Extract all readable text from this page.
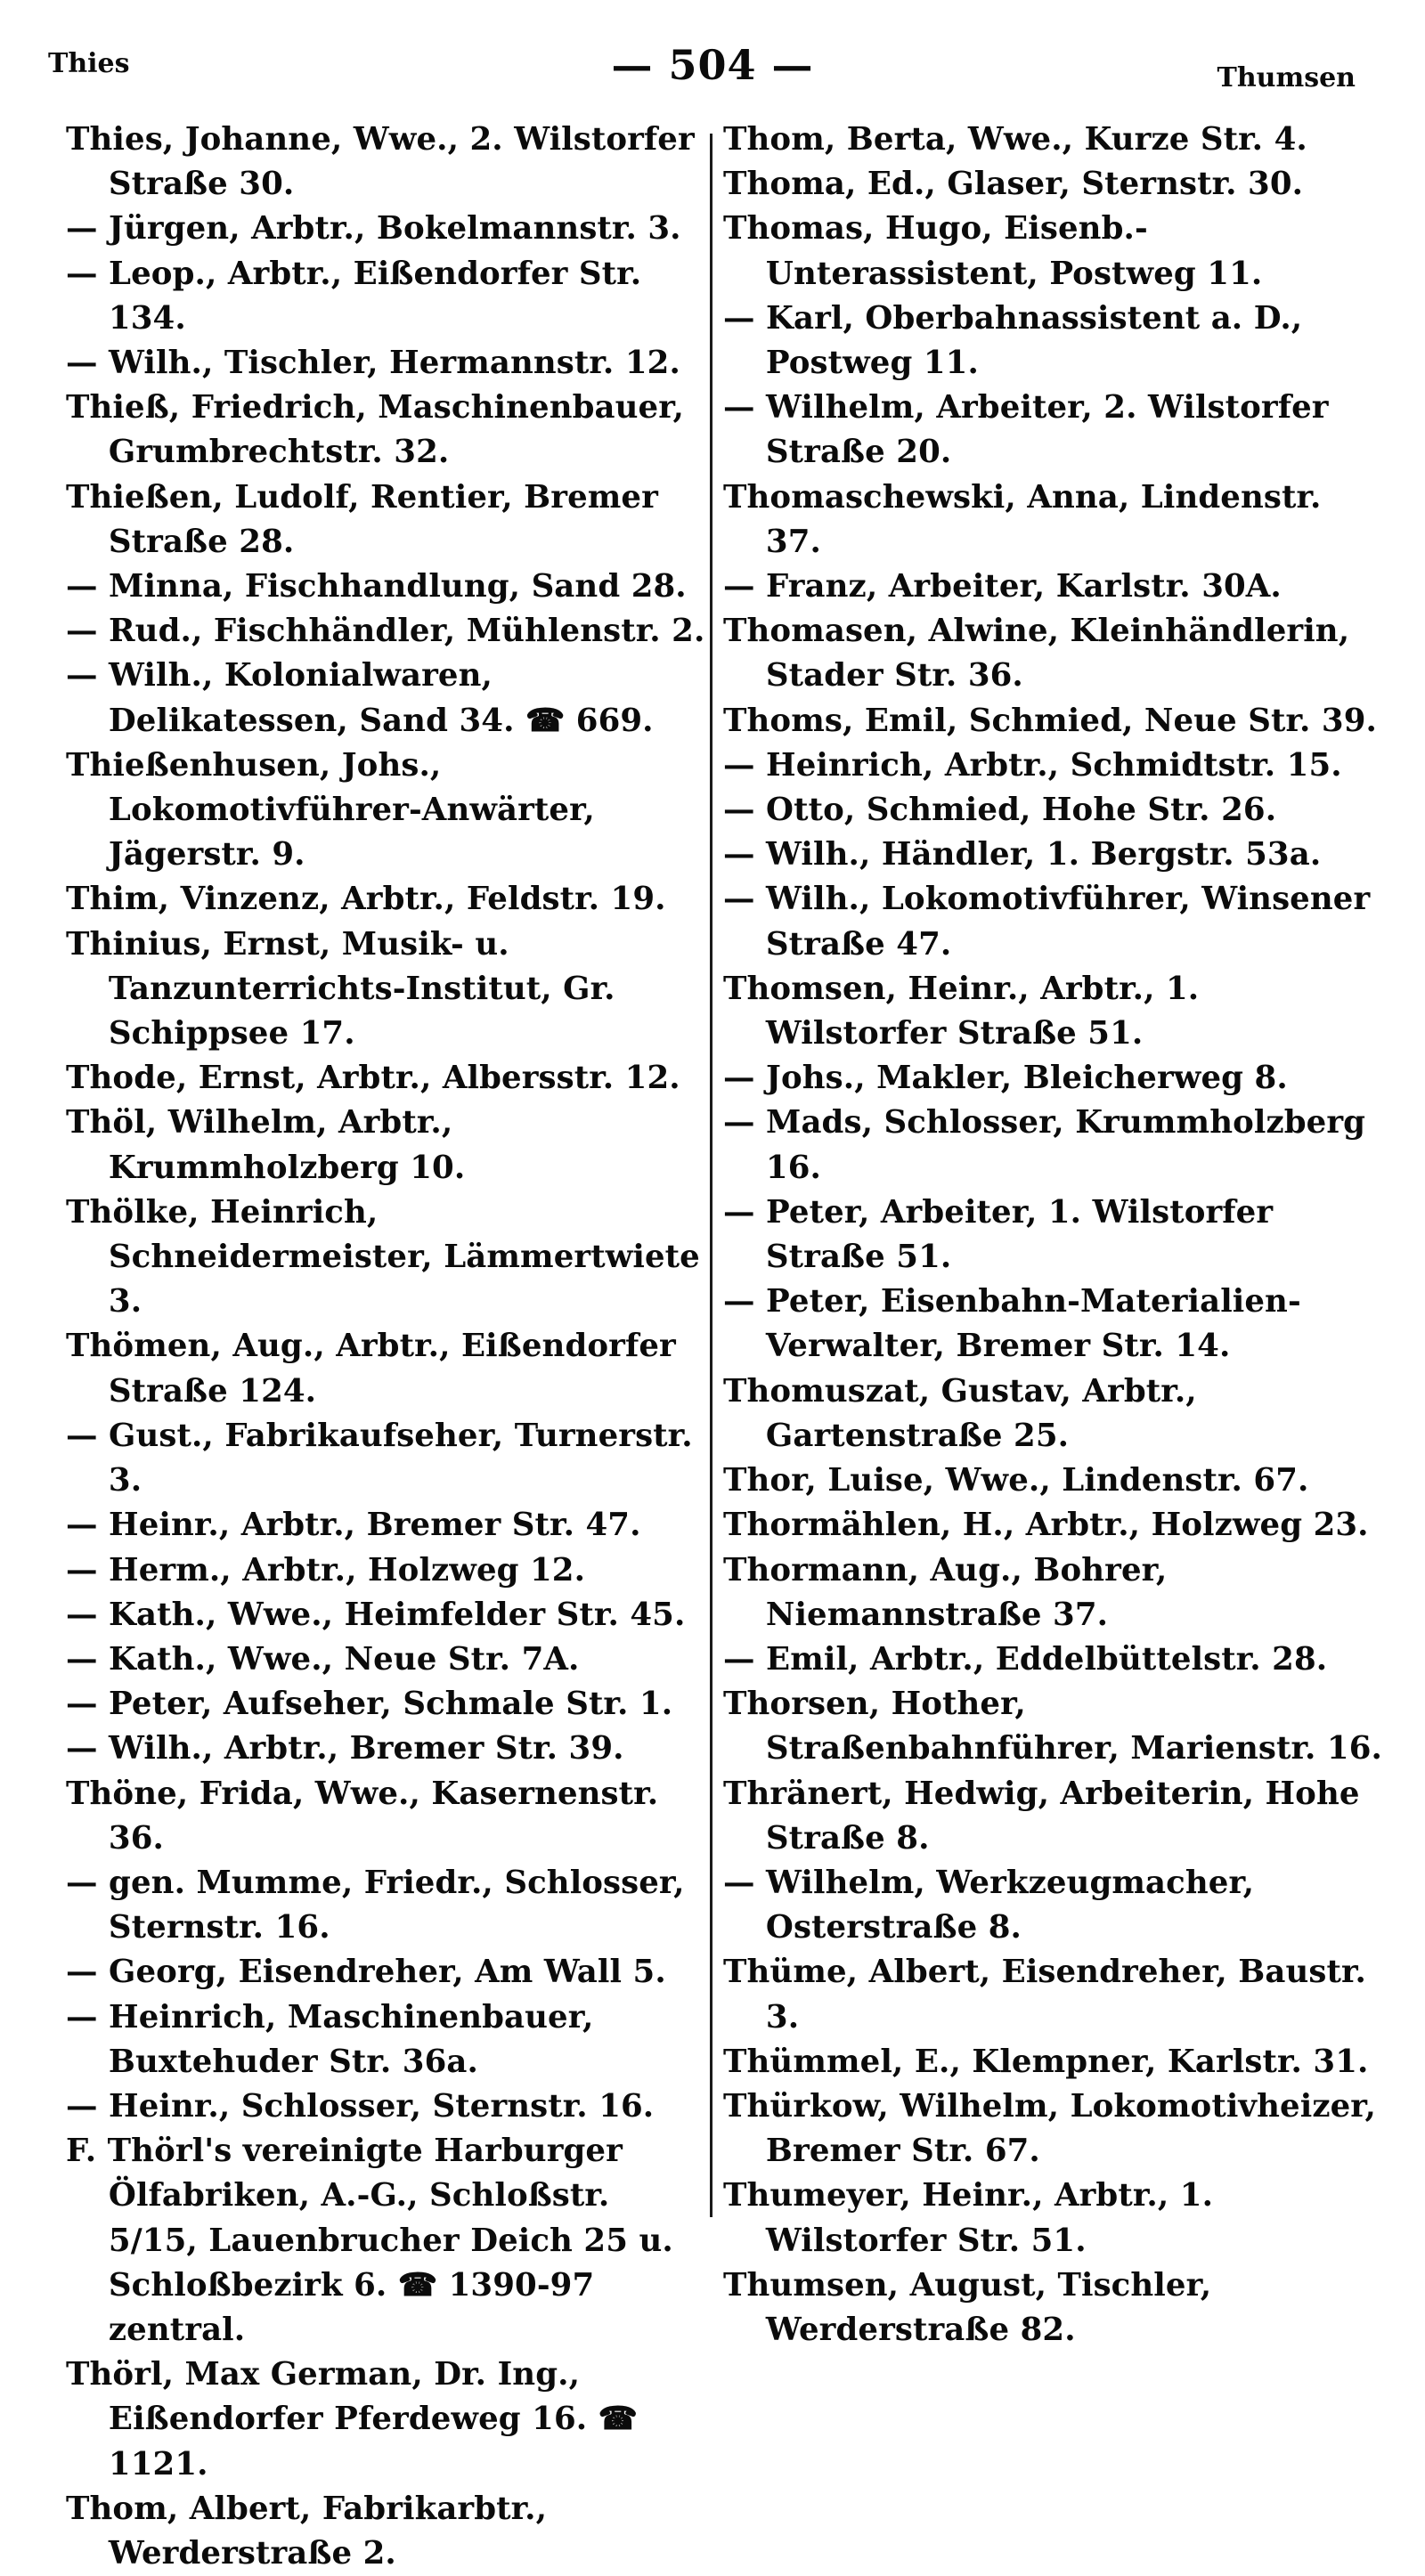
Thies	— 504 —	Thumsen

Thies, Johanne, Wwe., 2. Wilstorfer Straße 30.

— Jürgen, Arbtr., Bokelmannstr. 3.

— Leop., Arbtr., Eißendorfer Str. 134.

— Wilh., Tischler, Hermannstr. 12.

Thieß, Friedrich, Maschinenbauer, Grumbrechtstr. 32.

Thießen, Ludolf, Rentier, Bremer Straße 28.

— Minna, Fischhandlung, Sand 28.

— Rud., Fischhändler, Mühlenstr. 2.

— Wilh., Kolonialwaren, Delikatessen, Sand 34. ☎ 669.

Thießenhusen, Johs., Lokomotivführer-Anwärter, Jägerstr. 9.

Thim, Vinzenz, Arbtr., Feldstr. 19.

Thinius, Ernst, Musik- u. Tanzunterrichts-Institut, Gr. Schippsee 17.

Thode, Ernst, Arbtr., Albersstr. 12.

Thöl, Wilhelm, Arbtr., Krummholzberg 10.

Thölke, Heinrich, Schneidermeister, Lämmertwiete 3.

Thömen, Aug., Arbtr., Eißendorfer Straße 124.

— Gust., Fabrikaufseher, Turnerstr. 3.

— Heinr., Arbtr., Bremer Str. 47.

— Herm., Arbtr., Holzweg 12.

— Kath., Wwe., Heimfelder Str. 45.

— Kath., Wwe., Neue Str. 7A.

— Peter, Aufseher, Schmale Str. 1.

— Wilh., Arbtr., Bremer Str. 39.

Thöne, Frida, Wwe., Kasernenstr. 36.

— gen. Mumme, Friedr., Schlosser, Sternstr. 16.

— Georg, Eisendreher, Am Wall 5.

— Heinrich, Maschinenbauer, Buxtehuder Str. 36a.

— Heinr., Schlosser, Sternstr. 16.

F. Thörl's vereinigte Harburger Ölfabriken, A.-G., Schloßstr. 5/15, Lauenbrucher Deich 25 u. Schloßbezirk 6. ☎ 1390-97 zentral.

Thörl, Max German, Dr. Ing., Eißendorfer Pferdeweg 16. ☎ 1121.

Thom, Albert, Fabrikarbtr., Werderstraße 2.

Thom, Berta, Wwe., Kurze Str. 4.

Thoma, Ed., Glaser, Sternstr. 30.

Thomas, Hugo, Eisenb.-Unterassistent, Postweg 11.

— Karl, Oberbahnassistent a. D., Postweg 11.

— Wilhelm, Arbeiter, 2. Wilstorfer Straße 20.

Thomaschewski, Anna, Lindenstr. 37.

— Franz, Arbeiter, Karlstr. 30A.

Thomasen, Alwine, Kleinhändlerin, Stader Str. 36.

Thoms, Emil, Schmied, Neue Str. 39.

— Heinrich, Arbtr., Schmidtstr. 15.

— Otto, Schmied, Hohe Str. 26.

— Wilh., Händler, 1. Bergstr. 53a.

— Wilh., Lokomotivführer, Winsener Straße 47.

Thomsen, Heinr., Arbtr., 1. Wilstorfer Straße 51.

— Johs., Makler, Bleicherweg 8.

— Mads, Schlosser, Krummholzberg 16.

— Peter, Arbeiter, 1. Wilstorfer Straße 51.

— Peter, Eisenbahn-Materialien-Verwalter, Bremer Str. 14.

Thomuszat, Gustav, Arbtr., Gartenstraße 25.

Thor, Luise, Wwe., Lindenstr. 67.

Thormählen, H., Arbtr., Holzweg 23.

Thormann, Aug., Bohrer, Niemannstraße 37.

— Emil, Arbtr., Eddelbüttelstr. 28.

Thorsen, Hother, Straßenbahnführer, Marienstr. 16.

Thränert, Hedwig, Arbeiterin, Hohe Straße 8.

— Wilhelm, Werkzeugmacher, Osterstraße 8.

Thüme, Albert, Eisendreher, Baustr. 3.

Thümmel, E., Klempner, Karlstr. 31.

Thürkow, Wilhelm, Lokomotivheizer, Bremer Str. 67.

Thumeyer, Heinr., Arbtr., 1. Wilstorfer Str. 51.

Thumsen, August, Tischler, Werderstraße 82.
